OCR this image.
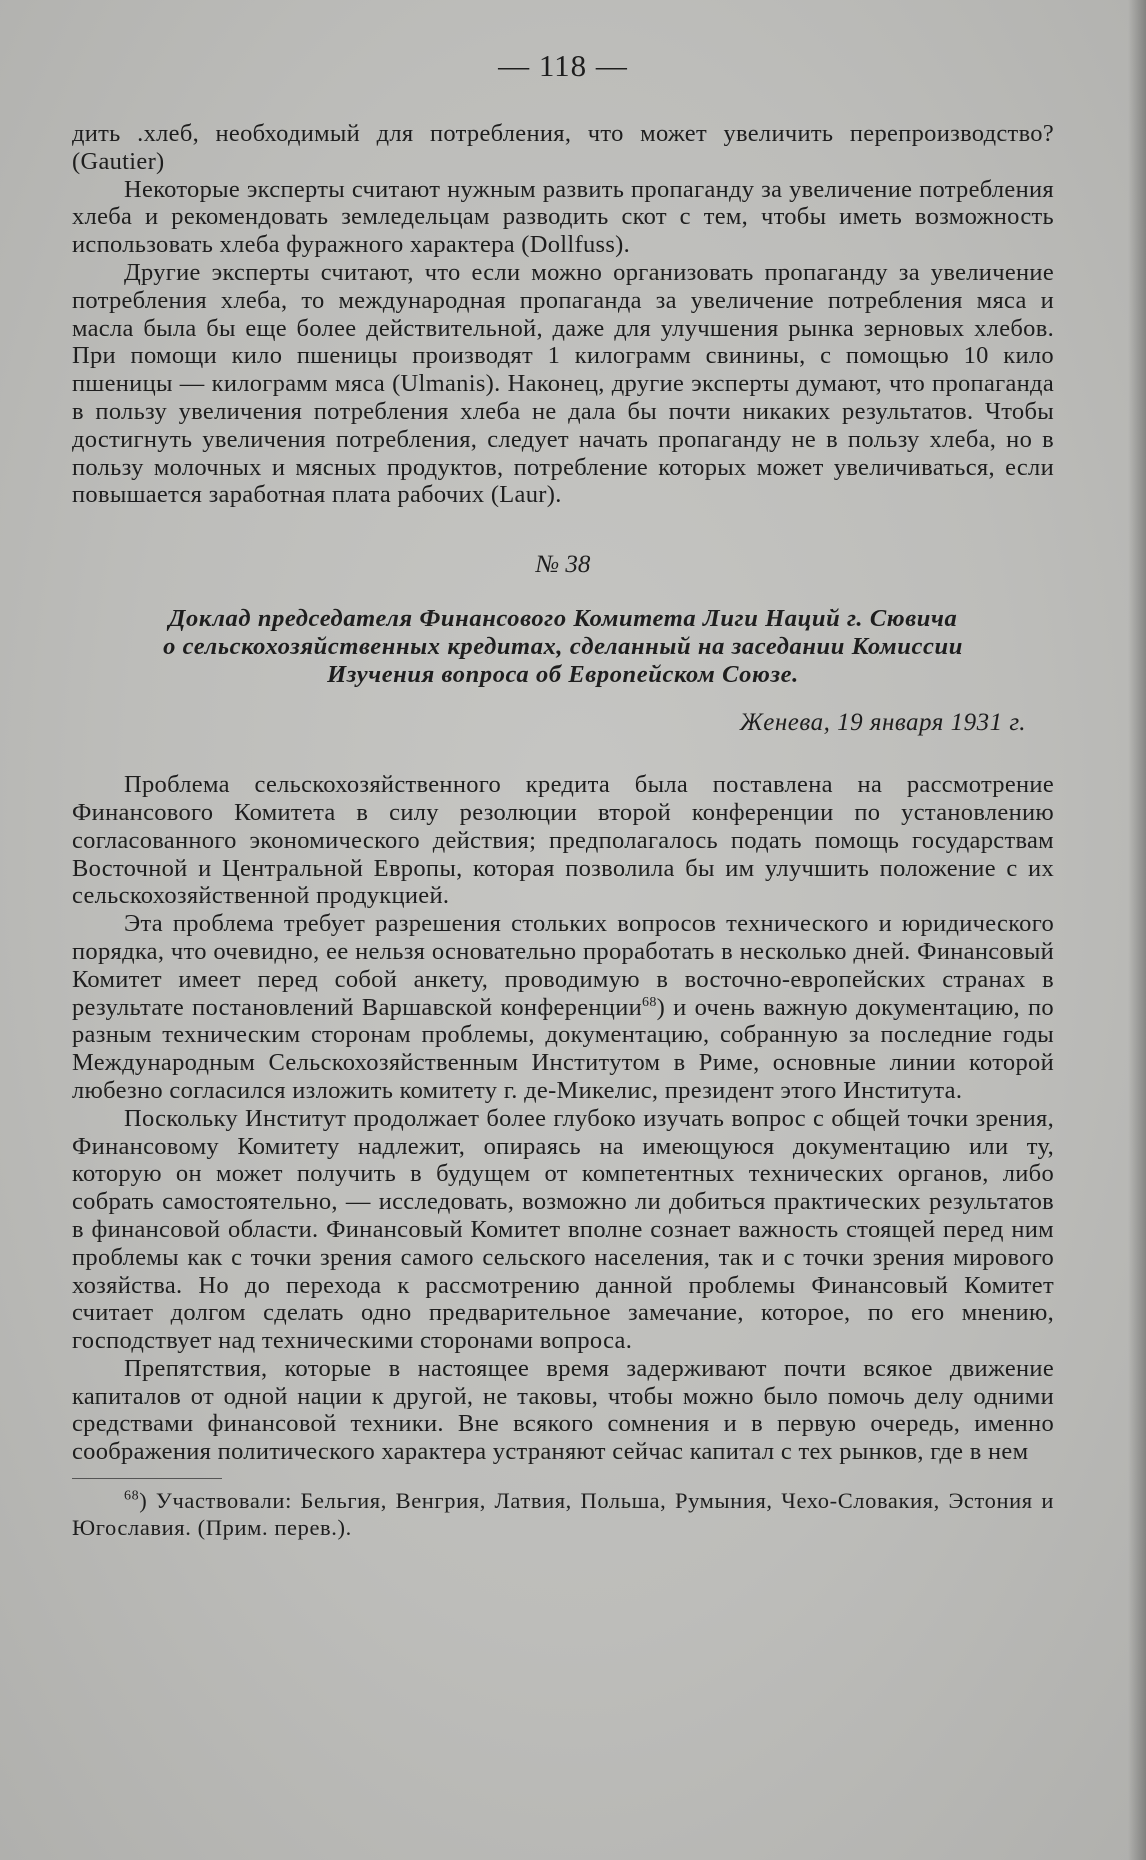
— 118 —

дить .хлеб, необходимый для потребления, что может увеличить перепроизводство? (Gautier)

Некоторые эксперты считают нужным развить пропаганду за увеличение потребления хлеба и рекомендовать земледельцам разводить скот с тем, чтобы иметь возможность использовать хлеба фуражного характера (Dollfuss).

Другие эксперты считают, что если можно организовать пропаганду за увеличение потребления хлеба, то международная пропаганда за увеличение потребления мяса и масла была бы еще более действительной, даже для улучшения рынка зерновых хлебов. При помощи кило пшеницы производят 1 килограмм свинины, с помощью 10 кило пшеницы — килограмм мяса (Ulmanis). Наконец, другие эксперты думают, что пропаганда в пользу увеличения потребления хлеба не дала бы почти никаких результатов. Чтобы достигнуть увеличения потребления, следует начать пропаганду не в пользу хлеба, но в пользу молочных и мясных продуктов, потребление которых может увеличиваться, если повышается заработная плата рабочих (Laur).

№ 38
Доклад председателя Финансового Комитета Лиги Наций г. Сювича
о сельскохозяйственных кредитах, сделанный на заседании Комиссии
Изучения вопроса об Европейском Союзе.
Женева, 19 января 1931 г.

Проблема сельскохозяйственного кредита была поставлена на рассмотрение Финансового Комитета в силу резолюции второй конференции по установлению согласованного экономического действия; предполагалось подать помощь государствам Восточной и Центральной Европы, которая позволила бы им улучшить положение с их сельскохозяйственной продукцией.

Эта проблема требует разрешения стольких вопросов технического и юридического порядка, что очевидно, ее нельзя основательно проработать в несколько дней. Финансовый Комитет имеет перед собой анкету, проводимую в восточно-европейских странах в результате постановлений Варшавской конференции$^{68}$) и очень важную документацию, по разным техническим сторонам проблемы, документацию, собранную за последние годы Международным Сельскохозяйственным Институтом в Риме, основные линии которой любезно согласился изложить комитету г. де-Микелис, президент этого Института.

Поскольку Институт продолжает более глубоко изучать вопрос с общей точки зрения, Финансовому Комитету надлежит, опираясь на имеющуюся документацию или ту, которую он может получить в будущем от компетентных технических органов, либо собрать самостоятельно, — исследовать, возможно ли добиться практических результатов в финансовой области. Финансовый Комитет вполне сознает важность стоящей перед ним проблемы как с точки зрения самого сельского населения, так и с точки зрения мирового хозяйства. Но до перехода к рассмотрению данной проблемы Финансовый Комитет считает долгом сделать одно предварительное замечание, которое, по его мнению, господствует над техническими сторонами вопроса.

Препятствия, которые в настоящее время задерживают почти всякое движение капиталов от одной нации к другой, не таковы, чтобы можно было помочь делу одними средствами финансовой техники. Вне всякого сомнения и в первую очередь, именно соображения политического характера устраняют сейчас капитал с тех рынков, где в нем

$^{68}$) Участвовали: Бельгия, Венгрия, Латвия, Польша, Румыния, Чехо-Словакия, Эстония и Югославия. (Прим. перев.).
